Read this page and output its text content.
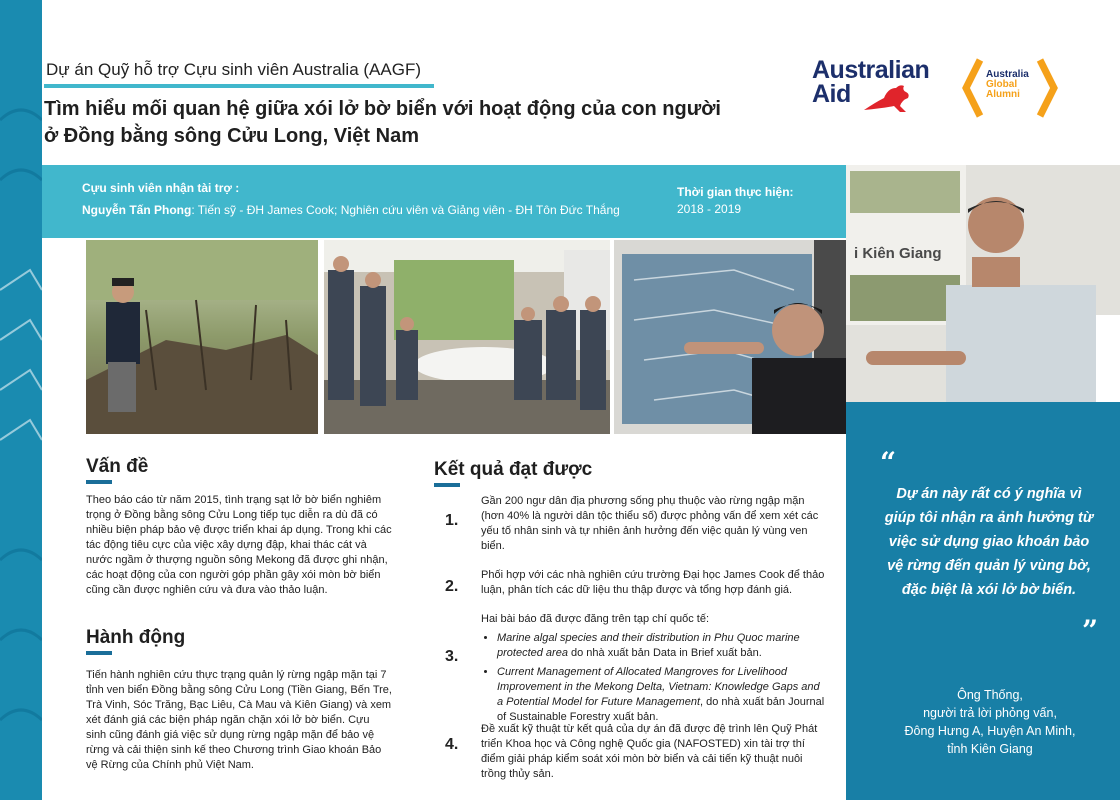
Dự án Quỹ hỗ trợ Cựu sinh viên Australia (AAGF)
Tìm hiểu mối quan hệ giữa xói lở bờ biển với hoạt động của con người
ở Đồng bằng sông Cửu Long, Việt Nam
Australian
Aid
Australia
Global
Alumni
Cựu sinh viên nhận tài trợ :
Nguyễn Tấn Phong: Tiến sỹ - ĐH James Cook; Nghiên cứu viên và Giảng viên - ĐH Tôn Đức Thắng
Thời gian thực hiện:
2018 - 2019
i Kiên Giang
“
Dự án này rất có ý nghĩa vì giúp tôi nhận ra ảnh hưởng từ việc sử dụng giao khoán bảo vệ rừng đến quản lý vùng bờ, đặc biệt là xói lở bờ biển.
”
Ông Thống,
người trả lời phỏng vấn,
Đông Hưng A, Huyện An Minh,
tỉnh Kiên Giang
Vấn đề
Theo báo cáo từ năm 2015, tình trạng sạt lở bờ biển nghiêm trọng ở Đồng bằng sông Cửu Long tiếp tục diễn ra dù đã có nhiều biện pháp bảo vệ được triển khai áp dụng. Trong khi các tác động tiêu cực của việc xây dựng đập, khai thác cát và nước ngầm ở thượng nguồn sông Mekong đã được ghi nhận, các hoạt động của con người góp phần gây xói mòn bờ biển cũng cần được nghiên cứu và đưa vào thảo luận.
Hành động
Tiến hành nghiên cứu thực trạng quản lý rừng ngập mặn tại 7 tỉnh ven biển Đồng bằng sông Cửu Long (Tiền Giang, Bến Tre, Trà Vinh, Sóc Trăng, Bạc Liêu, Cà Mau và Kiên Giang) và xem xét đánh giá các biện pháp ngăn chặn xói lở bờ biển. Cựu sinh cũng đánh giá việc sử dụng rừng ngập mặn để bảo vệ rừng và cải thiện sinh kế theo Chương trình Giao khoán Bảo vệ Rừng của Chính phủ Việt Nam.
Kết quả đạt được
1.
Gần 200 ngư dân địa phương sống phụ thuộc vào rừng ngập mặn (hơn 40% là người dân tộc thiểu số) được phỏng vấn để xem xét các yếu tố nhân sinh và tự nhiên ảnh hưởng đến việc quản lý vùng ven biển.
2.
Phối hợp với các nhà nghiên cứu trường Đại học James Cook để thảo luận, phân tích các dữ liệu thu thập được và tổng hợp đánh giá.
3.
Hai bài báo đã được đăng trên tạp chí quốc tế:
• Marine algal species and their distribution in Phu Quoc marine protected area do nhà xuất bản Data in Brief xuất bản.
• Current Management of Allocated Mangroves for Livelihood Improvement in the Mekong Delta, Vietnam: Knowledge Gaps and a Potential Model for Future Management, do nhà xuất bản Journal of Sustainable Forestry xuất bản.
4.
Đề xuất kỹ thuật từ kết quả của dự án đã được đệ trình lên Quỹ Phát triển Khoa học và Công nghệ Quốc gia (NAFOSTED) xin tài trợ thí điểm giải pháp kiểm soát xói mòn bờ biển và cải tiến kỹ thuật nuôi trồng thủy sản.
